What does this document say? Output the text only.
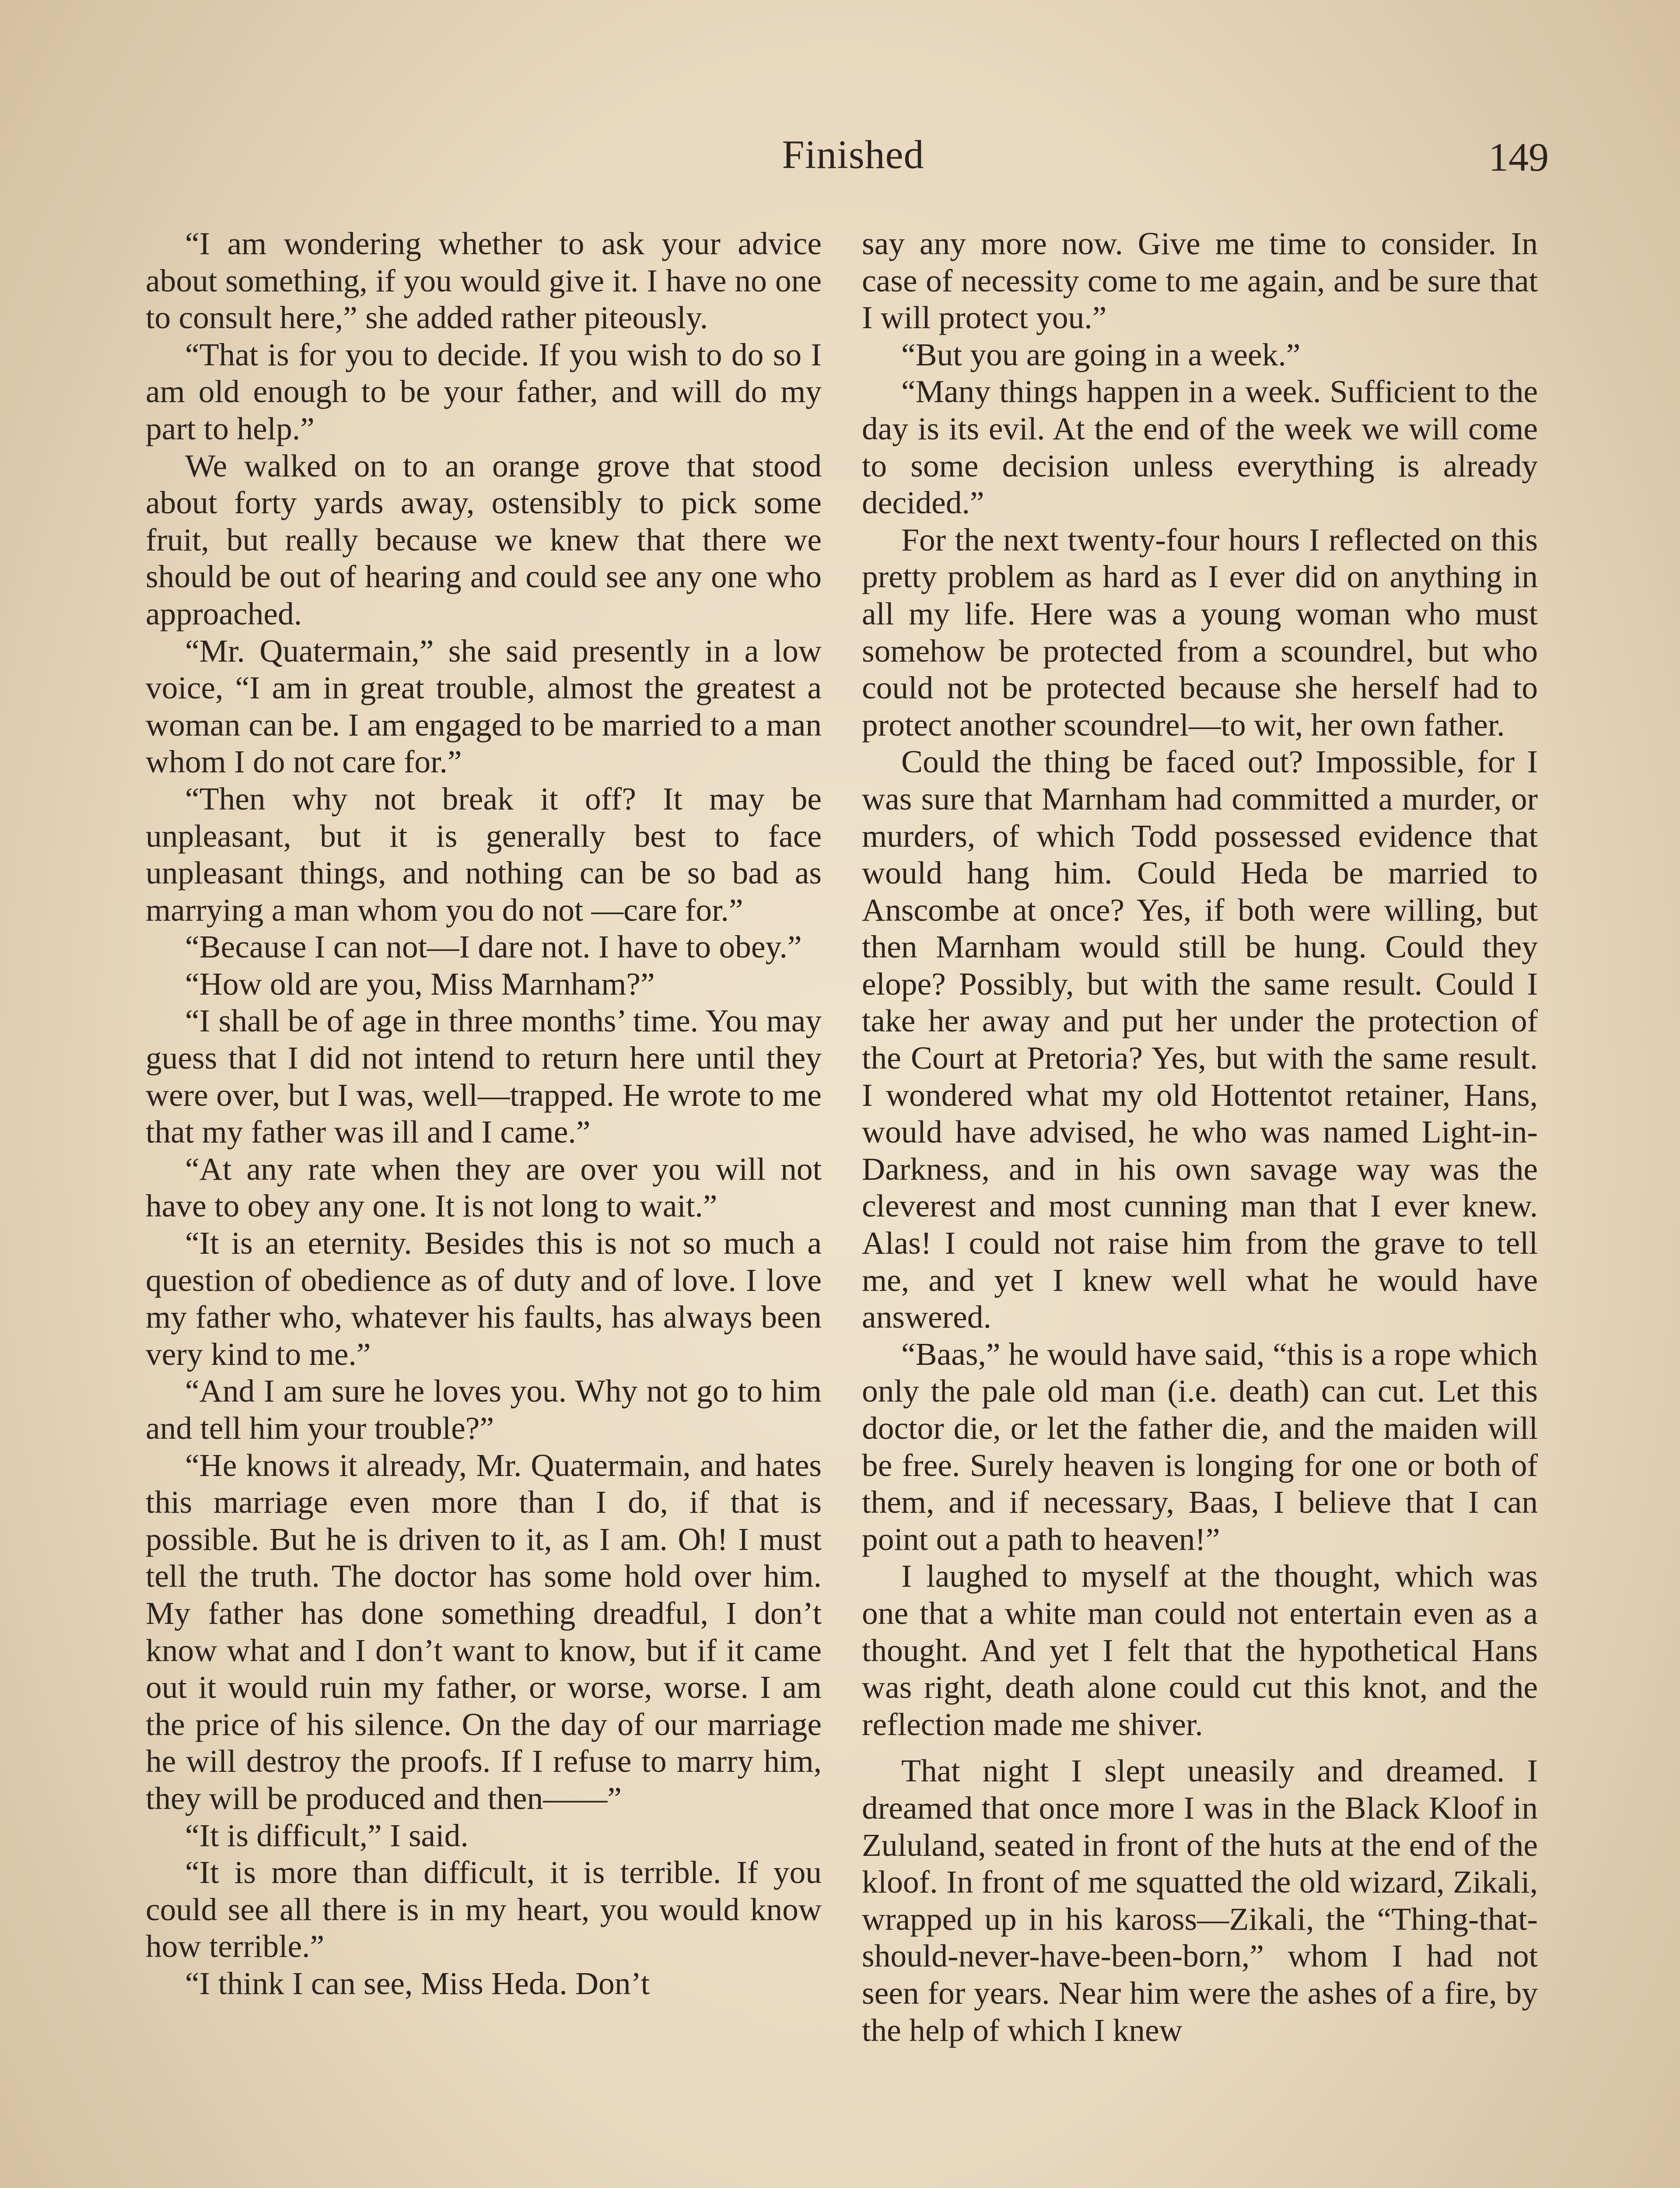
Finished	149

“I am wondering whether to ask your advice about something, if you would give it. I have no one to consult here,” she added rather piteously.

“That is for you to decide. If you wish to do so I am old enough to be your father, and will do my part to help.”

We walked on to an orange grove that stood about forty yards away, ostensibly to pick some fruit, but really because we knew that there we should be out of hearing and could see any one who approached.

“Mr. Quatermain,” she said presently in a low voice, “I am in great trouble, almost the greatest a woman can be. I am engaged to be married to a man whom I do not care for.”

“Then why not break it off? It may be unpleasant, but it is generally best to face unpleasant things, and nothing can be so bad as marrying a man whom you do not —care for.”

“Because I can not—I dare not. I have to obey.”

“How old are you, Miss Marnham?”

“I shall be of age in three months’ time. You may guess that I did not intend to return here until they were over, but I was, well—trapped. He wrote to me that my father was ill and I came.”

“At any rate when they are over you will not have to obey any one. It is not long to wait.”

“It is an eternity. Besides this is not so much a question of obedience as of duty and of love. I love my father who, whatever his faults, has always been very kind to me.”

“And I am sure he loves you. Why not go to him and tell him your trouble?”

“He knows it already, Mr. Quatermain, and hates this marriage even more than I do, if that is possible. But he is driven to it, as I am. Oh! I must tell the truth. The doctor has some hold over him. My father has done something dreadful, I don’t know what and I don’t want to know, but if it came out it would ruin my father, or worse, worse. I am the price of his silence. On the day of our marriage he will destroy the proofs. If I refuse to marry him, they will be produced and then——”

“It is difficult,” I said.

“It is more than difficult, it is terrible. If you could see all there is in my heart, you would know how terrible.”

“I think I can see, Miss Heda. Don’t

say any more now. Give me time to consider. In case of necessity come to me again, and be sure that I will protect you.”

“But you are going in a week.”

“Many things happen in a week. Sufficient to the day is its evil. At the end of the week we will come to some decision unless everything is already decided.”

For the next twenty-four hours I reflected on this pretty problem as hard as I ever did on anything in all my life. Here was a young woman who must somehow be protected from a scoundrel, but who could not be protected because she herself had to protect another scoundrel—to wit, her own father.

Could the thing be faced out? Impossible, for I was sure that Marnham had committed a murder, or murders, of which Todd possessed evidence that would hang him. Could Heda be married to Anscombe at once? Yes, if both were willing, but then Marnham would still be hung. Could they elope? Possibly, but with the same result. Could I take her away and put her under the protection of the Court at Pretoria? Yes, but with the same result. I wondered what my old Hottentot retainer, Hans, would have advised, he who was named Light-in-Darkness, and in his own savage way was the cleverest and most cunning man that I ever knew. Alas! I could not raise him from the grave to tell me, and yet I knew well what he would have answered.

“Baas,” he would have said, “this is a rope which only the pale old man (i.e. death) can cut. Let this doctor die, or let the father die, and the maiden will be free. Surely heaven is longing for one or both of them, and if necessary, Baas, I believe that I can point out a path to heaven!”

I laughed to myself at the thought, which was one that a white man could not entertain even as a thought. And yet I felt that the hypothetical Hans was right, death alone could cut this knot, and the reflection made me shiver.

That night I slept uneasily and dreamed. I dreamed that once more I was in the Black Kloof in Zululand, seated in front of the huts at the end of the kloof. In front of me squatted the old wizard, Zikali, wrapped up in his kaross—Zikali, the “Thing-that-should-never-have-been-born,” whom I had not seen for years. Near him were the ashes of a fire, by the help of which I knew
